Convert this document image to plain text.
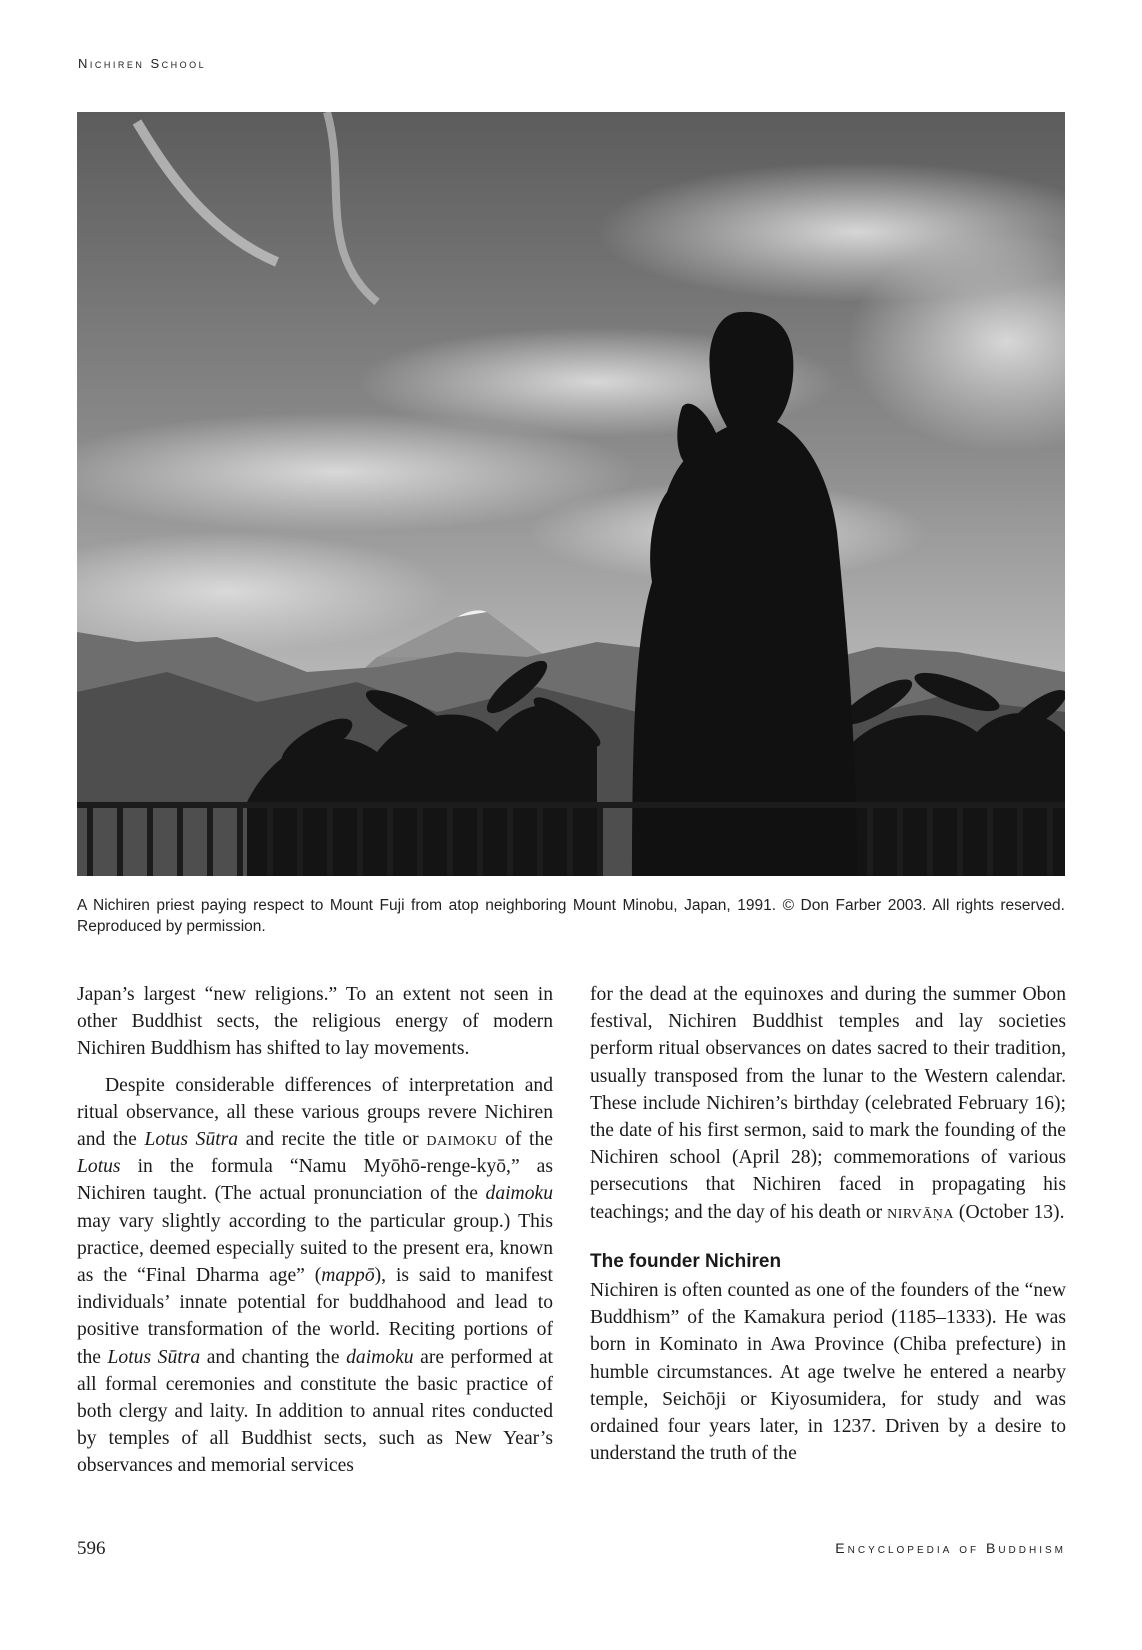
Nichiren School
A Nichiren priest paying respect to Mount Fuji from atop neighboring Mount Minobu, Japan, 1991. © Don Farber 2003. All rights reserved. Reproduced by permission.

Japan’s largest “new religions.” To an extent not seen in other Buddhist sects, the religious energy of modern Nichiren Buddhism has shifted to lay movements.

Despite considerable differences of interpretation and ritual observance, all these various groups revere Nichiren and the Lotus Sūtra and recite the title or daimoku of the Lotus in the formula “Namu Myōhō-renge-kyō,” as Nichiren taught. (The actual pronunciation of the daimoku may vary slightly according to the particular group.) This practice, deemed especially suited to the present era, known as the “Final Dharma age” (mappō), is said to manifest individuals’ innate potential for buddhahood and lead to positive transformation of the world. Reciting portions of the Lotus Sūtra and chanting the daimoku are performed at all formal ceremonies and constitute the basic practice of both clergy and laity. In addition to annual rites conducted by temples of all Buddhist sects, such as New Year’s observances and memorial services

for the dead at the equinoxes and during the summer Obon festival, Nichiren Buddhist temples and lay societies perform ritual observances on dates sacred to their tradition, usually transposed from the lunar to the Western calendar. These include Nichiren’s birthday (celebrated February 16); the date of his first sermon, said to mark the founding of the Nichiren school (April 28); commemorations of various persecutions that Nichiren faced in propagating his teachings; and the day of his death or nirvāṇa (October 13).

The founder Nichiren

Nichiren is often counted as one of the founders of the “new Buddhism” of the Kamakura period (1185–1333). He was born in Kominato in Awa Province (Chiba prefecture) in humble circumstances. At age twelve he entered a nearby temple, Seichōji or Kiyosumidera, for study and was ordained four years later, in 1237. Driven by a desire to understand the truth of the

596	Encyclopedia of Buddhism
